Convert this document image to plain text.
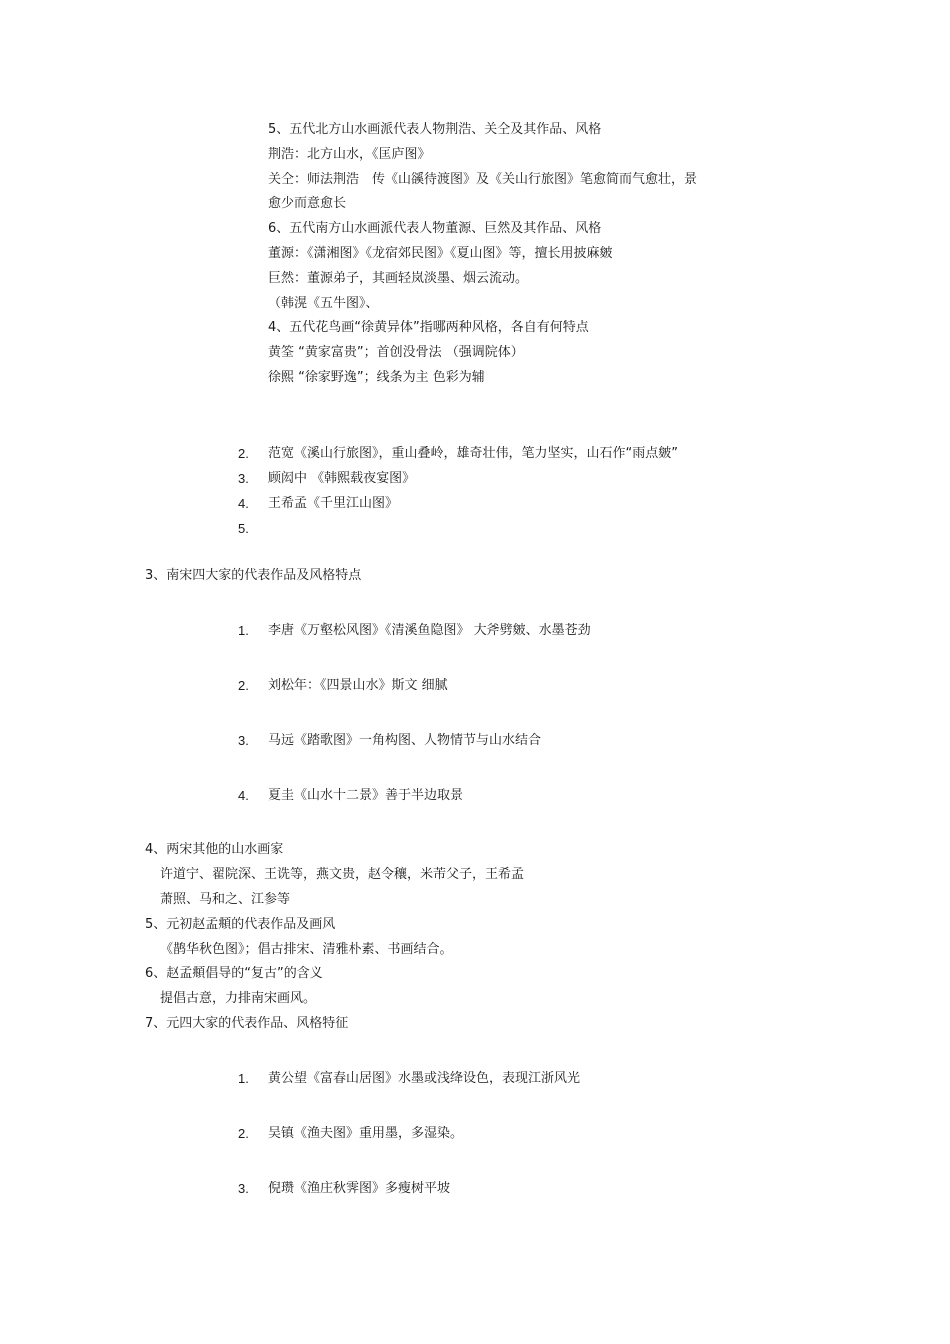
5、五代北方山水画派代表人物荆浩、关仝及其作品、风格
荆浩：北方山水，《匡庐图》
关仝：师法荆浩　传《山豀待渡图》及《关山行旅图》笔愈简而气愈壮，景
愈少而意愈长
6、五代南方山水画派代表人物董源、巨然及其作品、风格
董源：《潇湘图》《龙宿郊民图》《夏山图》等，擅长用披麻皴
巨然：董源弟子，其画轻岚淡墨、烟云流动。
（韩滉《五牛图》、
4、五代花鸟画“徐黄异体”指哪两种风格，各自有何特点
黄筌 “黄家富贵”；首创没骨法 （强调院体）
徐熙 “徐家野逸”；线条为主 色彩为辅
2. 范宽《溪山行旅图》，重山叠岭，雄奇壮伟，笔力坚实，山石作“雨点皴”
3. 顾闳中 《韩熙载夜宴图》
4. 王希孟《千里江山图》
5.
3、南宋四大家的代表作品及风格特点
1. 李唐《万壑松风图》《清溪鱼隐图》 大斧劈皴、水墨苍劲
2. 刘松年：《四景山水》斯文 细腻
3. 马远《踏歌图》一角构图、人物情节与山水结合
4. 夏圭《山水十二景》善于半边取景
4、两宋其他的山水画家
许道宁、翟院深、王诜等，燕文贵，赵令穰，米芾父子，王希孟
萧照、马和之、江参等
5、元初赵孟頫的代表作品及画风
《鹊华秋色图》；倡古排宋、清雅朴素、书画结合。
6、赵孟頫倡导的“复古”的含义
提倡古意，力排南宋画风。
7、元四大家的代表作品、风格特征
1. 黄公望《富春山居图》水墨或浅绛设色，表现江浙风光
2. 吴镇《渔夫图》重用墨，多湿染。
3. 倪瓒《渔庄秋霁图》多瘦树平坡
